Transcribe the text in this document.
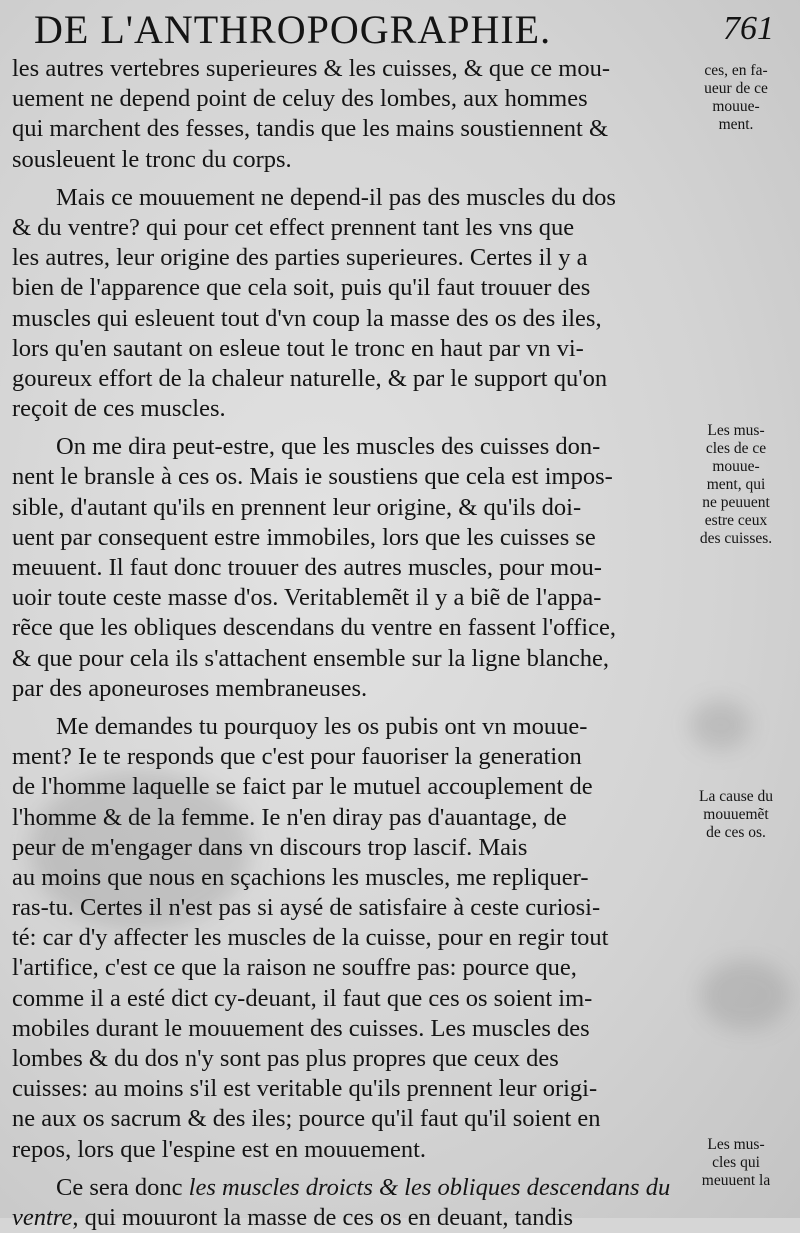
DE L'ANTHROPOGRAPHIE.	761
les autres vertebres superieures & les cuisses, & que ce mou-
uement ne depend point de celuy des lombes, aux hommes
qui marchent des fesses, tandis que les mains soustiennent &
sousleuent le tronc du corps.
Mais ce mouuement ne depend-il pas des muscles du dos
& du ventre? qui pour cet effect prennent tant les vns que
les autres, leur origine des parties superieures. Certes il y a
bien de l'apparence que cela soit, puis qu'il faut trouuer des
muscles qui esleuent tout d'vn coup la masse des os des iles,
lors qu'en sautant on esleue tout le tronc en haut par vn vi-
goureux effort de la chaleur naturelle, & par le support qu'on
reçoit de ces muscles.
On me dira peut-estre, que les muscles des cuisses don-
nent le bransle à ces os. Mais ie soustiens que cela est impos-
sible, d'autant qu'ils en prennent leur origine, & qu'ils doi-
uent par consequent estre immobiles, lors que les cuisses se
meuuent. Il faut donc trouuer des autres muscles, pour mou-
uoir toute ceste masse d'os. Veritablemẽt il y a biẽ de l'appa-
rẽce que les obliques descendans du ventre en fassent l'office,
& que pour cela ils s'attachent ensemble sur la ligne blanche,
par des aponeuroses membraneuses.
Me demandes tu pourquoy les os pubis ont vn mouue-
ment? Ie te responds que c'est pour fauoriser la generation
de l'homme laquelle se faict par le mutuel accouplement de
l'homme & de la femme. Ie n'en diray pas d'auantage, de
peur de m'engager dans vn discours trop lascif. Mais
au moins que nous en sçachions les muscles, me repliquer-
ras-tu. Certes il n'est pas si aysé de satisfaire à ceste curiosi-
té: car d'y affecter les muscles de la cuisse, pour en regir tout
l'artifice, c'est ce que la raison ne souffre pas: pource que,
comme il a esté dict cy-deuant, il faut que ces os soient im-
mobiles durant le mouuement des cuisses. Les muscles des
lombes & du dos n'y sont pas plus propres que ceux des
cuisses: au moins s'il est veritable qu'ils prennent leur origi-
ne aux os sacrum & des iles; pource qu'il faut qu'il soient en
repos, lors que l'espine est en mouuement.
Ce sera donc les muscles droicts & les obliques descendans du
ventre, qui mouuront la masse de ces os en deuant, tandis
ces, en fa-
ueur de ce
mouue-
ment.
Les mus-
cles de ce
mouue-
ment, qui
ne peuuent
estre ceux
des cuisses.
La cause du
mouuemẽt
de ces os.
Les mus-
cles qui
meuuent la
